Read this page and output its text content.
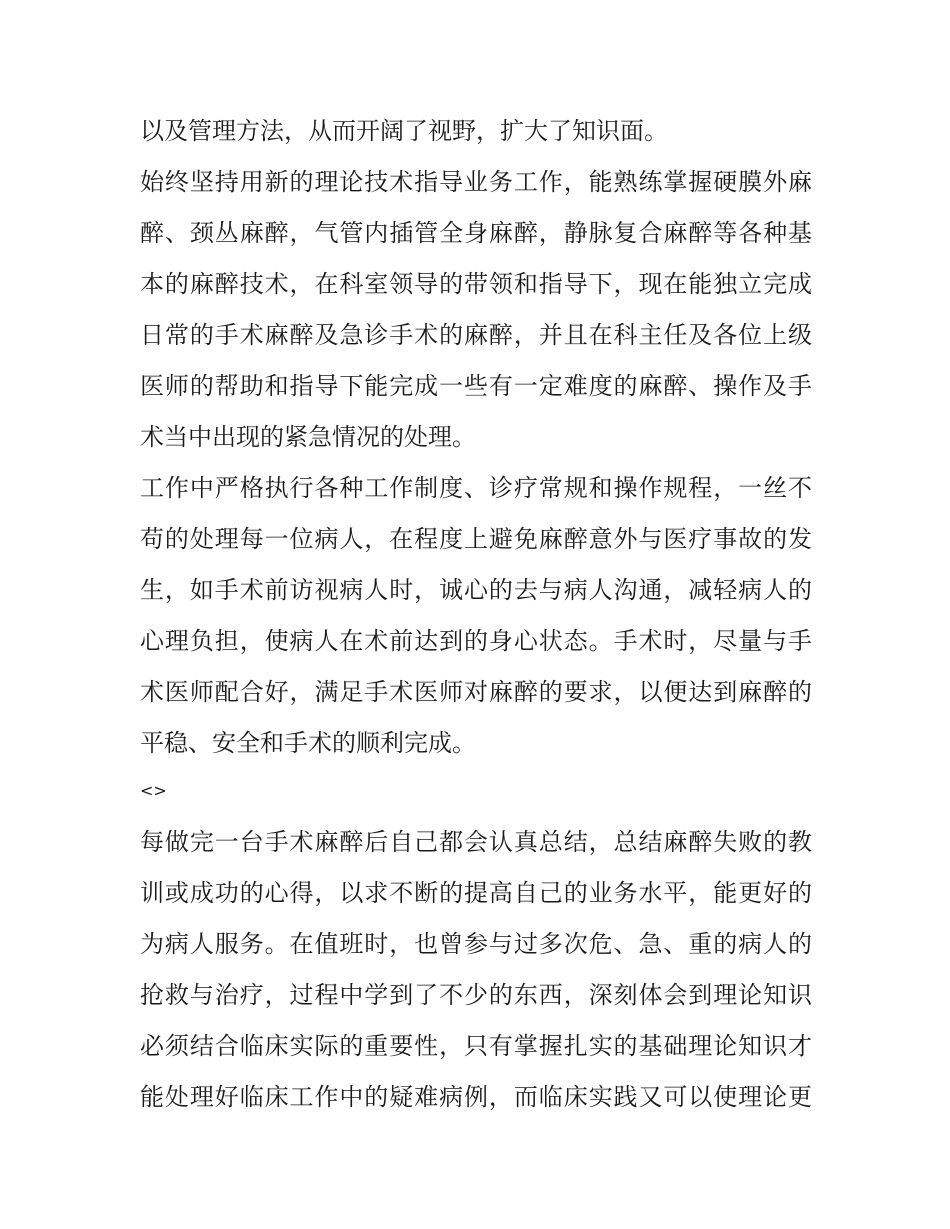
以及管理方法，从而开阔了视野，扩大了知识面。
始终坚持用新的理论技术指导业务工作，能熟练掌握硬膜外麻
醉、颈丛麻醉，气管内插管全身麻醉，静脉复合麻醉等各种基
本的麻醉技术，在科室领导的带领和指导下，现在能独立完成
日常的手术麻醉及急诊手术的麻醉，并且在科主任及各位上级
医师的帮助和指导下能完成一些有一定难度的麻醉、操作及手
术当中出现的紧急情况的处理。
工作中严格执行各种工作制度、诊疗常规和操作规程，一丝不
苟的处理每一位病人，在程度上避免麻醉意外与医疗事故的发
生，如手术前访视病人时，诚心的去与病人沟通，减轻病人的
心理负担，使病人在术前达到的身心状态。手术时，尽量与手
术医师配合好，满足手术医师对麻醉的要求，以便达到麻醉的
平稳、安全和手术的顺利完成。
<>
每做完一台手术麻醉后自己都会认真总结，总结麻醉失败的教
训或成功的心得，以求不断的提高自己的业务水平，能更好的
为病人服务。在值班时，也曾参与过多次危、急、重的病人的
抢救与治疗，过程中学到了不少的东西，深刻体会到理论知识
必须结合临床实际的重要性，只有掌握扎实的基础理论知识才
能处理好临床工作中的疑难病例，而临床实践又可以使理论更
